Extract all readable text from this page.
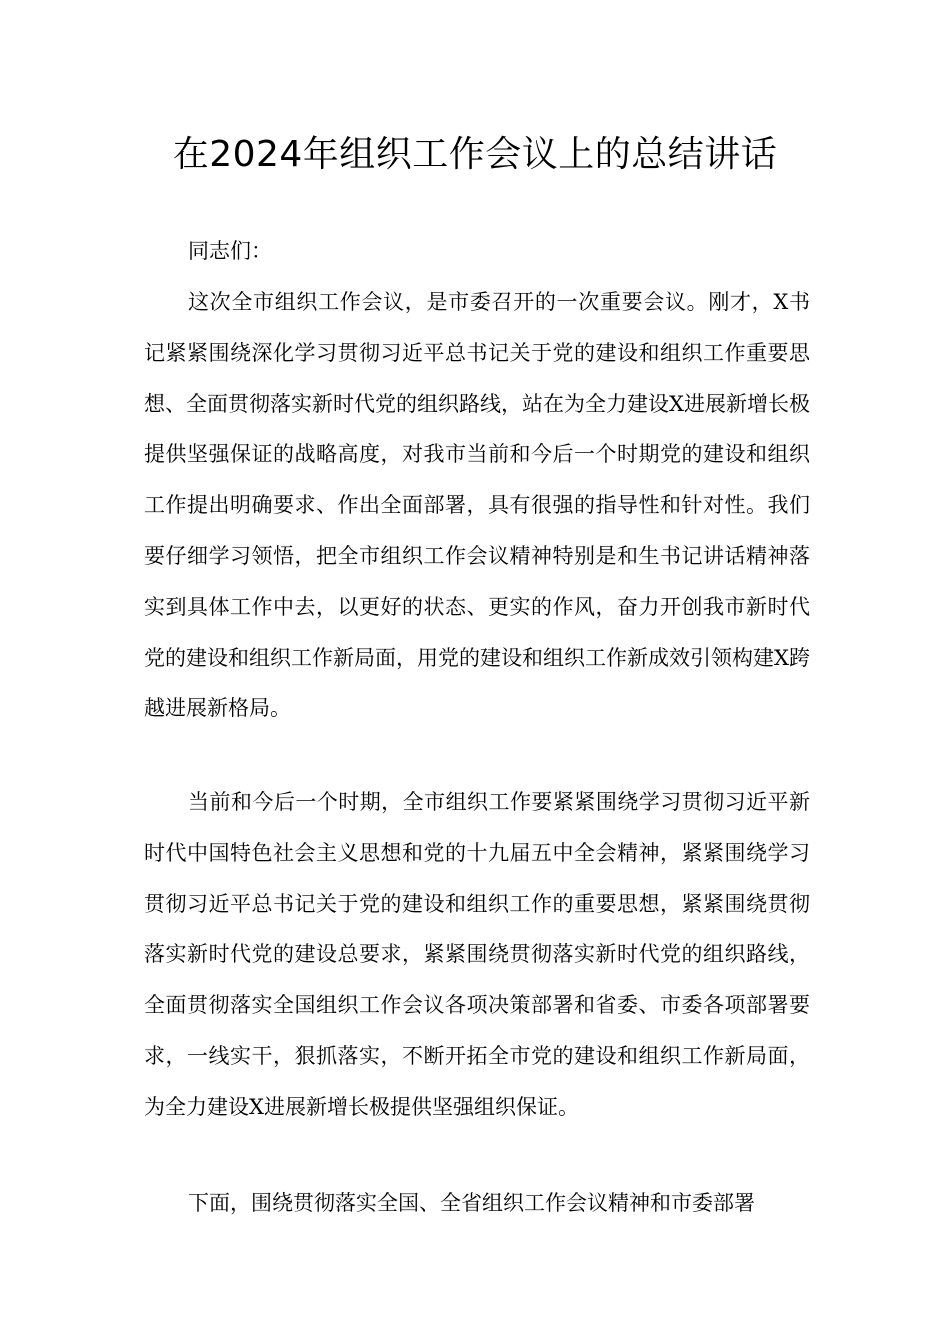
在2024年组织工作会议上的总结讲话

同志们：

这次全市组织工作会议，是市委召开的一次重要会议。刚才，X书记紧紧围绕深化学习贯彻习近平总书记关于党的建设和组织工作重要思想、全面贯彻落实新时代党的组织路线，站在为全力建设X进展新增长极提供坚强保证的战略高度，对我市当前和今后一个时期党的建设和组织工作提出明确要求、作出全面部署，具有很强的指导性和针对性。我们要仔细学习领悟，把全市组织工作会议精神特别是和生书记讲话精神落实到具体工作中去，以更好的状态、更实的作风，奋力开创我市新时代党的建设和组织工作新局面，用党的建设和组织工作新成效引领构建X跨越进展新格局。

当前和今后一个时期，全市组织工作要紧紧围绕学习贯彻习近平新时代中国特色社会主义思想和党的十九届五中全会精神，紧紧围绕学习贯彻习近平总书记关于党的建设和组织工作的重要思想，紧紧围绕贯彻落实新时代党的建设总要求，紧紧围绕贯彻落实新时代党的组织路线，全面贯彻落实全国组织工作会议各项决策部署和省委、市委各项部署要求，一线实干，狠抓落实，不断开拓全市党的建设和组织工作新局面，为全力建设X进展新增长极提供坚强组织保证。

下面，围绕贯彻落实全国、全省组织工作会议精神和市委部署
